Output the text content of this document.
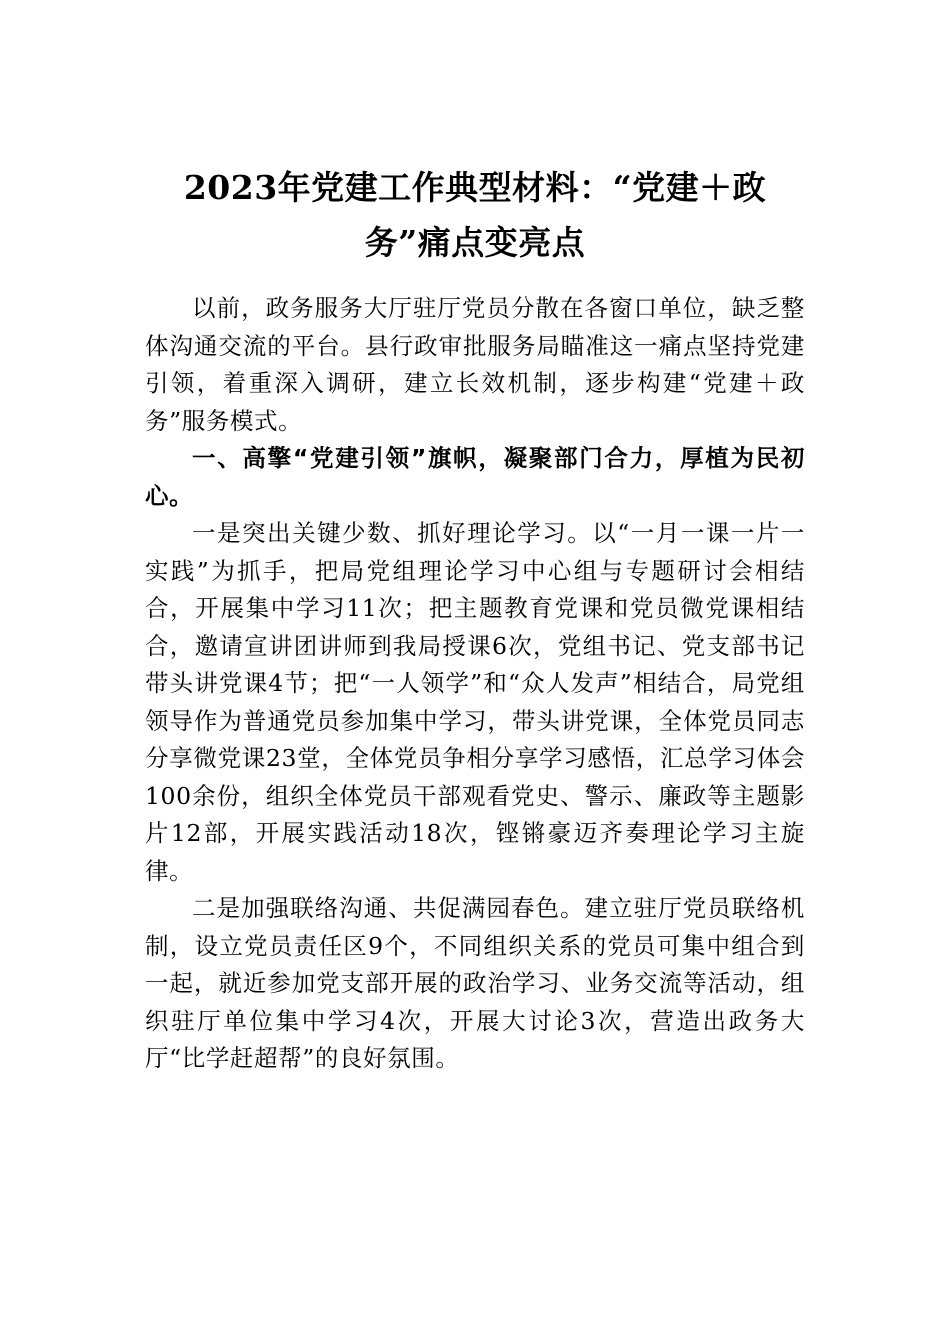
2023年党建工作典型材料：“党建＋政
务”痛点变亮点

以前，政务服务大厅驻厅党员分散在各窗口单位，缺乏整体沟通交流的平台。县行政审批服务局瞄准这一痛点坚持党建引领，着重深入调研，建立长效机制，逐步构建“党建＋政务”服务模式。

一、高擎“党建引领”旗帜，凝聚部门合力，厚植为民初心。

一是突出关键少数、抓好理论学习。以“一月一课一片一实践”为抓手，把局党组理论学习中心组与专题研讨会相结合，开展集中学习11次；把主题教育党课和党员微党课相结合，邀请宣讲团讲师到我局授课6次，党组书记、党支部书记带头讲党课4节；把“一人领学”和“众人发声”相结合，局党组领导作为普通党员参加集中学习，带头讲党课，全体党员同志分享微党课23堂，全体党员争相分享学习感悟，汇总学习体会100余份，组织全体党员干部观看党史、警示、廉政等主题影片12部，开展实践活动18次，铿锵豪迈齐奏理论学习主旋律。

二是加强联络沟通、共促满园春色。建立驻厅党员联络机制，设立党员责任区9个，不同组织关系的党员可集中组合到一起，就近参加党支部开展的政治学习、业务交流等活动，组织驻厅单位集中学习4次，开展大讨论3次，营造出政务大厅“比学赶超帮”的良好氛围。
